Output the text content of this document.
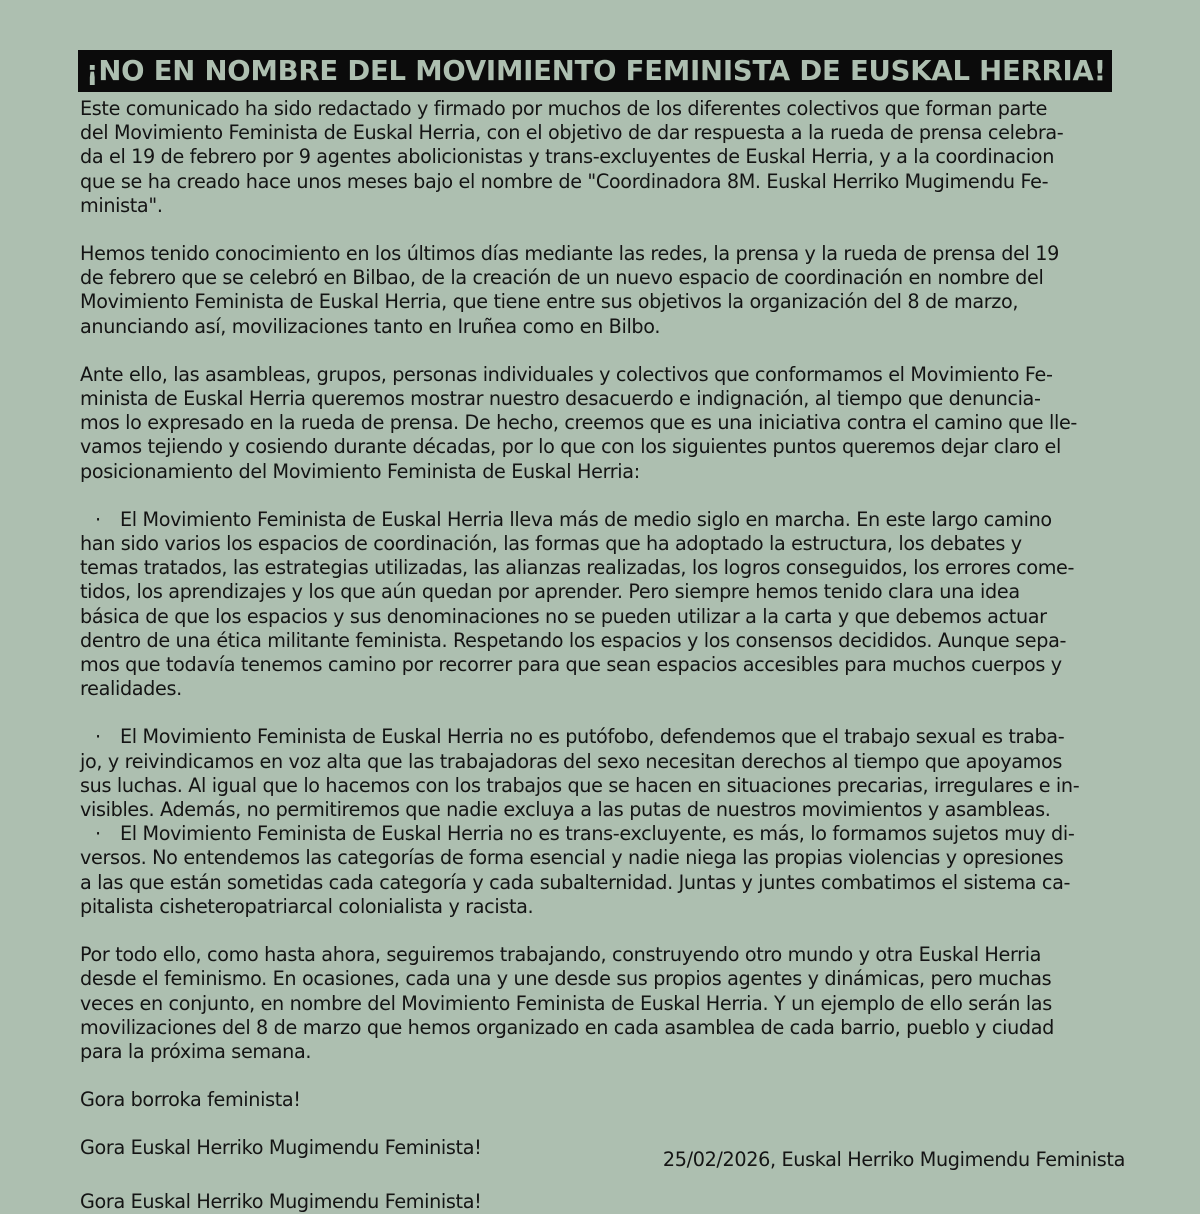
¡NO EN NOMBRE DEL MOVIMIENTO FEMINISTA DE EUSKAL HERRIA!
Este comunicado ha sido redactado y firmado por muchos de los diferentes colectivos que forman parte
del Movimiento Feminista de Euskal Herria, con el objetivo de dar respuesta a la rueda de prensa celebra-
da el 19 de febrero por 9 agentes abolicionistas y trans-excluyentes de Euskal Herria, y a la coordinacion
que se ha creado hace unos meses bajo el nombre de "Coordinadora 8M. Euskal Herriko Mugimendu Fe-
minista".
Hemos tenido conocimiento en los últimos días mediante las redes, la prensa y la rueda de prensa del 19
de febrero que se celebró en Bilbao, de la creación de un nuevo espacio de coordinación en nombre del
Movimiento Feminista de Euskal Herria, que tiene entre sus objetivos la organización del 8 de marzo,
anunciando así, movilizaciones tanto en Iruñea como en Bilbo.
Ante ello, las asambleas, grupos, personas individuales y colectivos que conformamos el Movimiento Fe-
minista de Euskal Herria queremos mostrar nuestro desacuerdo e indignación, al tiempo que denuncia-
mos lo expresado en la rueda de prensa. De hecho, creemos que es una iniciativa contra el camino que lle-
vamos tejiendo y cosiendo durante décadas, por lo que con los siguientes puntos queremos dejar claro el
posicionamiento del Movimiento Feminista de Euskal Herria:
· El Movimiento Feminista de Euskal Herria lleva más de medio siglo en marcha. En este largo camino
han sido varios los espacios de coordinación, las formas que ha adoptado la estructura, los debates y
temas tratados, las estrategias utilizadas, las alianzas realizadas, los logros conseguidos, los errores come-
tidos, los aprendizajes y los que aún quedan por aprender. Pero siempre hemos tenido clara una idea
básica de que los espacios y sus denominaciones no se pueden utilizar a la carta y que debemos actuar
dentro de una ética militante feminista. Respetando los espacios y los consensos decididos. Aunque sepa-
mos que todavía tenemos camino por recorrer para que sean espacios accesibles para muchos cuerpos y
realidades.
· El Movimiento Feminista de Euskal Herria no es putófobo, defendemos que el trabajo sexual es traba-
jo, y reivindicamos en voz alta que las trabajadoras del sexo necesitan derechos al tiempo que apoyamos
sus luchas. Al igual que lo hacemos con los trabajos que se hacen en situaciones precarias, irregulares e in-
visibles. Además, no permitiremos que nadie excluya a las putas de nuestros movimientos y asambleas.
· El Movimiento Feminista de Euskal Herria no es trans-excluyente, es más, lo formamos sujetos muy di-
versos. No entendemos las categorías de forma esencial y nadie niega las propias violencias y opresiones
a las que están sometidas cada categoría y cada subalternidad. Juntas y juntes combatimos el sistema ca-
pitalista cisheteropatriarcal colonialista y racista.
Por todo ello, como hasta ahora, seguiremos trabajando, construyendo otro mundo y otra Euskal Herria
desde el feminismo. En ocasiones, cada una y une desde sus propios agentes y dinámicas, pero muchas
veces en conjunto, en nombre del Movimiento Feminista de Euskal Herria. Y un ejemplo de ello serán las
movilizaciones del 8 de marzo que hemos organizado en cada asamblea de cada barrio, pueblo y ciudad
para la próxima semana.
Gora borroka feminista!
Gora Euskal Herriko Mugimendu Feminista!
25/02/2026, Euskal Herriko Mugimendu Feminista
Gora Euskal Herriko Mugimendu Feminista!
